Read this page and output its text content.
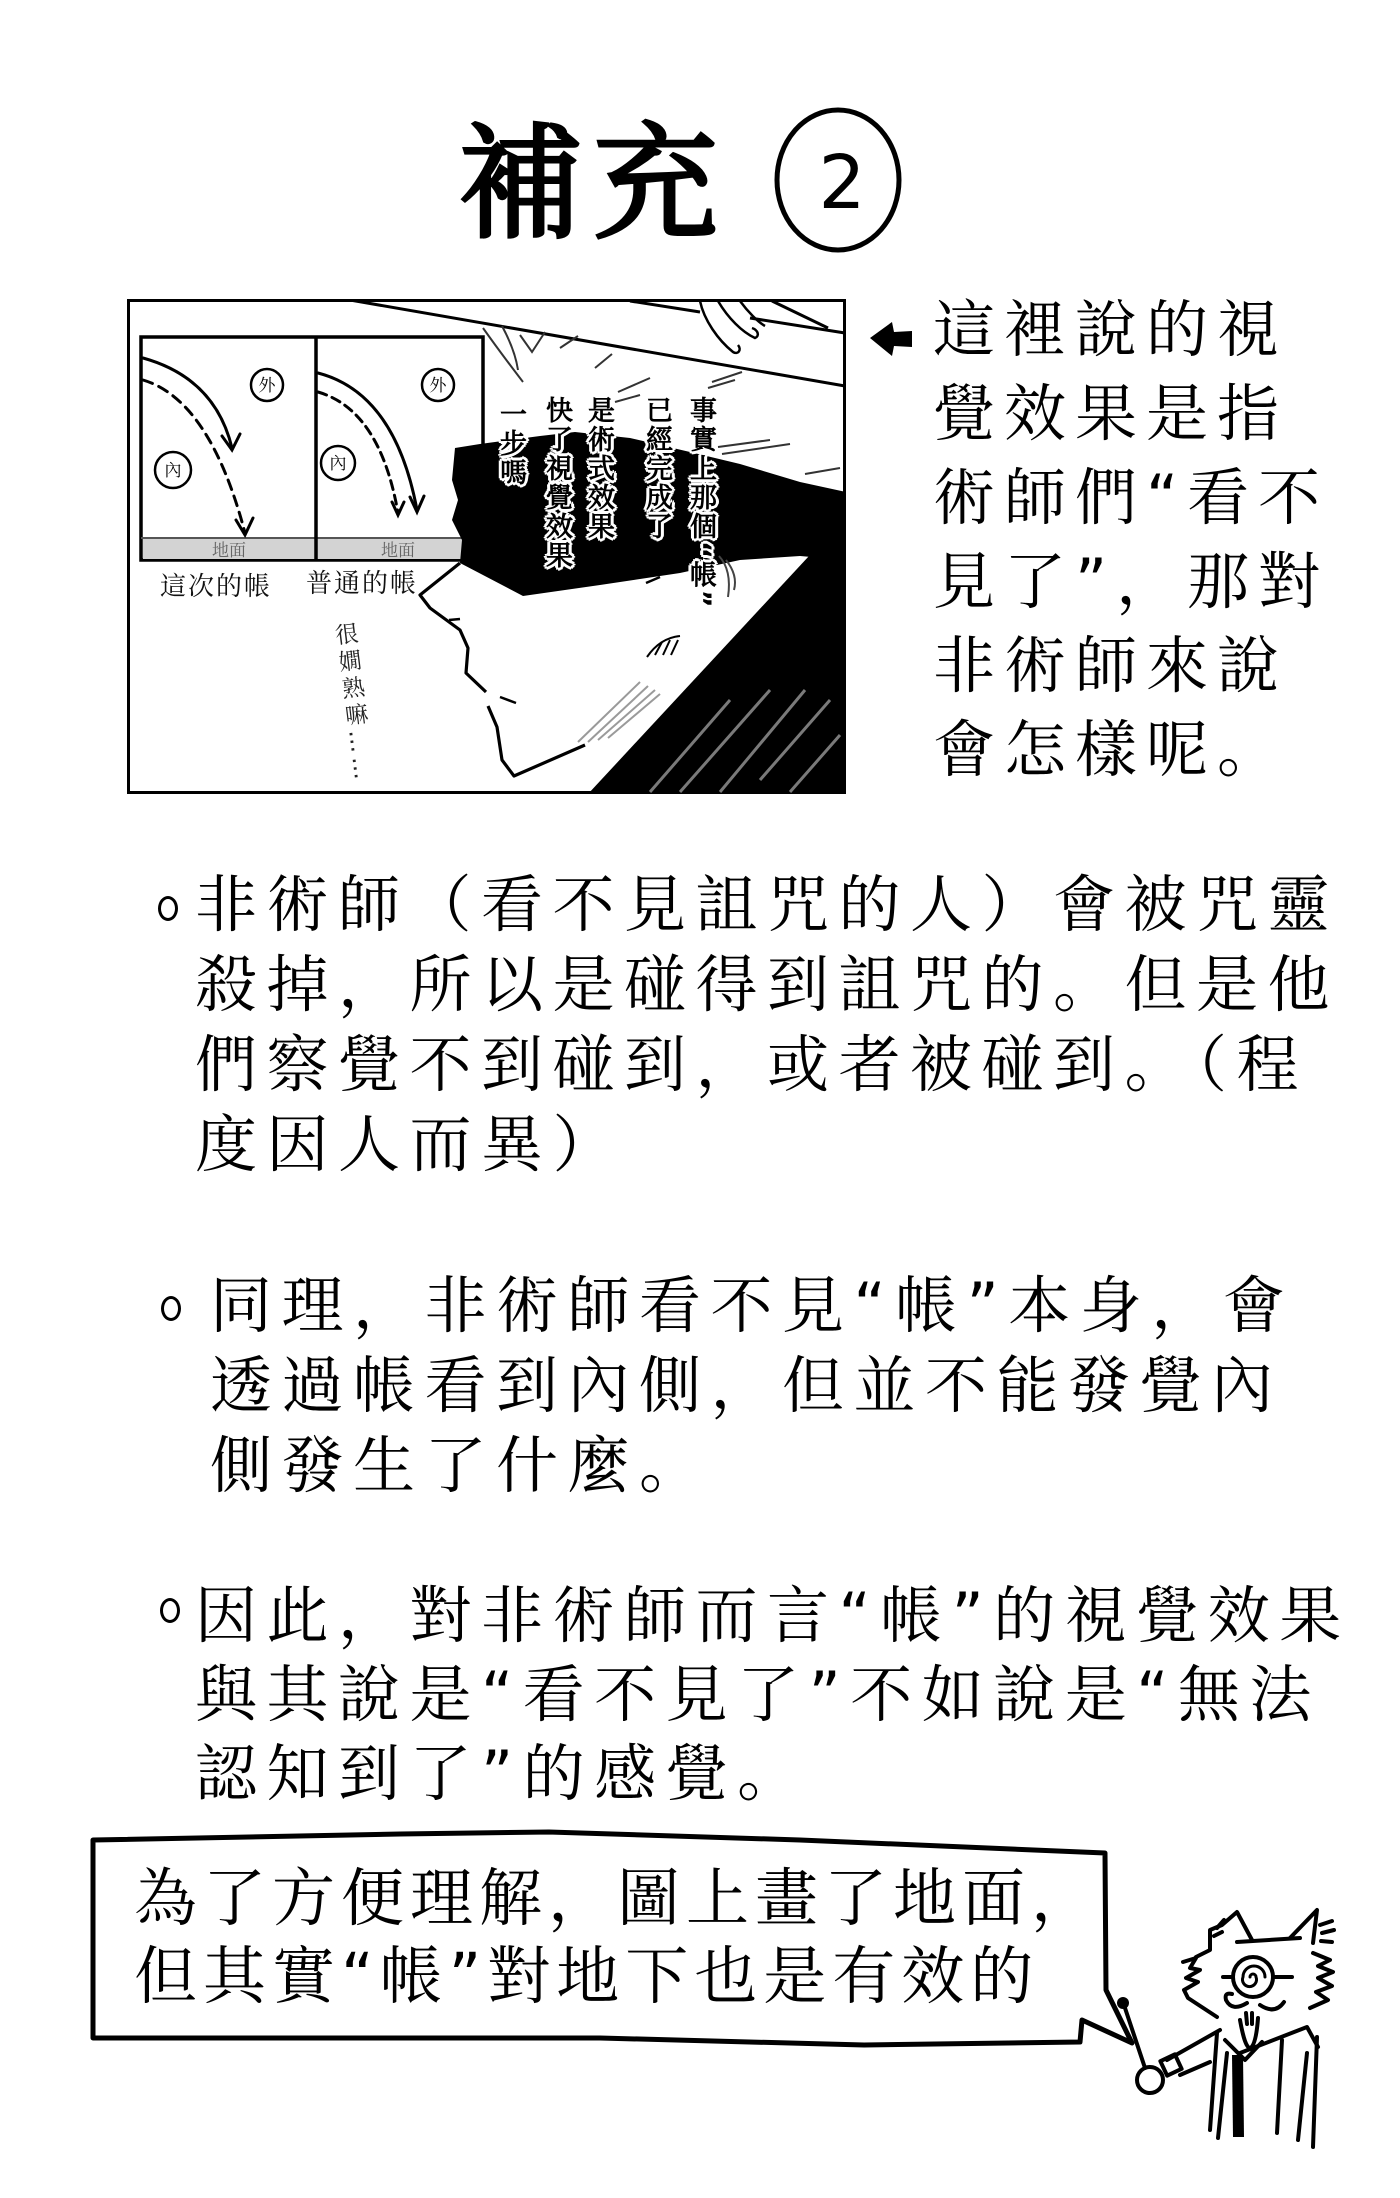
補充 2
地面	地面
外	外
內	內
這次的帳 普通的帳	事實上那個“帳”
已經完成了
是術式效果
快了視覺效果
一步嗎
很嫺熟嘛……
這裡說的視
覺效果是指
術師們“看不
見了”，那對
非術師來說
會怎樣呢。
非術師（看不見詛咒的人）會被咒靈
殺掉，所以是碰得到詛咒的。但是他
們察覺不到碰到，或者被碰到。（程
度因人而異）
同理，非術師看不見“帳”本身，會
透過帳看到內側，但並不能發覺內
側發生了什麼。
因此，對非術師而言“帳”的視覺效果
與其說是“看不見了”不如說是“無法
認知到了”的感覺。
為了方便理解，圖上畫了地面，
但其實“帳”對地下也是有效的
